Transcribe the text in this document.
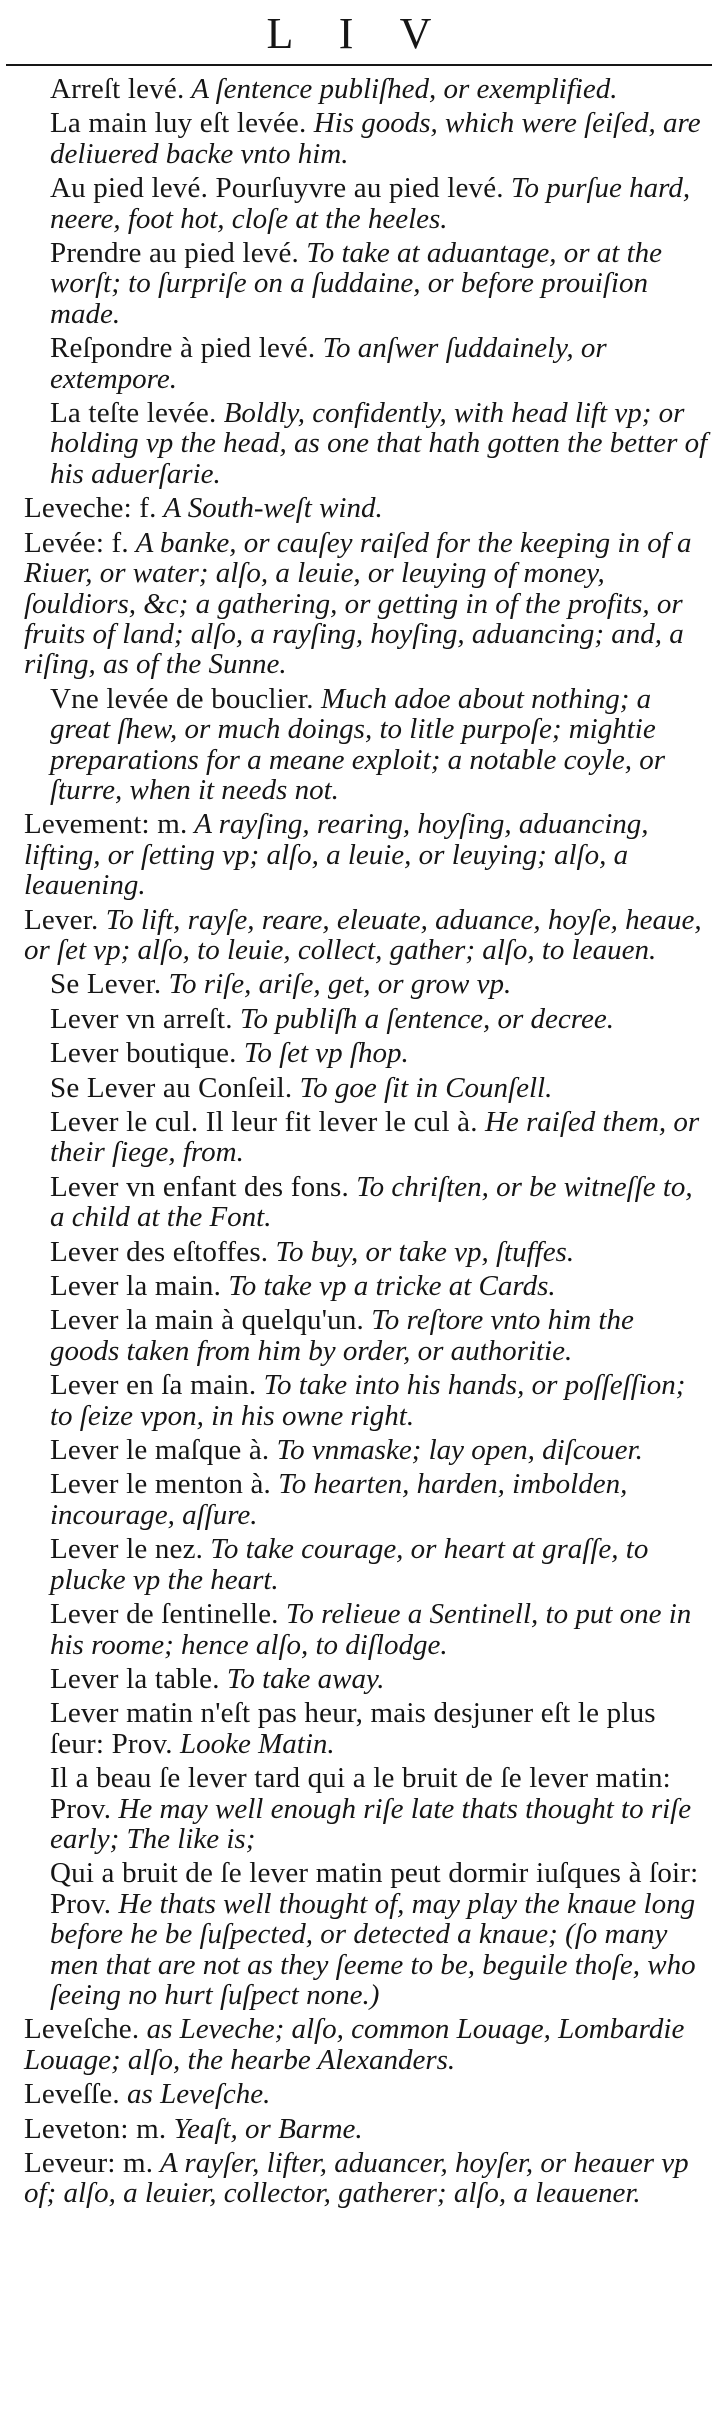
L I V
Arreſt levé. A ſentence publiſhed, or exemplified.
La main luy eſt levée. His goods, which were ſeiſed, are deliuered backe vnto him.
Au pied levé. Pourſuyvre au pied levé. To purſue hard, neere, foot hot, cloſe at the heeles.
Prendre au pied levé. To take at aduantage, or at the worſt; to ſurpriſe on a ſuddaine, or before prouiſion made.
Reſpondre à pied levé. To anſwer ſuddainely, or extempore.
La teſte levée. Boldly, confidently, with head lift vp; or holding vp the head, as one that hath gotten the better of his aduerſarie.
Leveche: f. A South-weſt wind.
Levée: f. A banke, or cauſey raiſed for the keeping in of a Riuer, or water; alſo, a leuie, or leuying of money, ſouldiors, &c; a gathering, or getting in of the profits, or fruits of land; alſo, a rayſing, hoyſing, aduancing; and, a riſing, as of the Sunne.
Vne levée de bouclier. Much adoe about nothing; a great ſhew, or much doings, to litle purpoſe; mightie preparations for a meane exploit; a notable coyle, or ſturre, when it needs not.
Levement: m. A rayſing, rearing, hoyſing, aduancing, lifting, or ſetting vp; alſo, a leuie, or leuying; alſo, a leauening.
Lever. To lift, rayſe, reare, eleuate, aduance, hoyſe, heaue, or ſet vp; alſo, to leuie, collect, gather; alſo, to leauen.
Se Lever. To riſe, ariſe, get, or grow vp.
Lever vn arreſt. To publiſh a ſentence, or decree.
Lever boutique. To ſet vp ſhop.
Se Lever au Conſeil. To goe ſit in Counſell.
Lever le cul. Il leur fit lever le cul à. He raiſed them, or their ſiege, from.
Lever vn enfant des fons. To chriſten, or be witneſſe to, a child at the Font.
Lever des eſtoffes. To buy, or take vp, ſtuffes.
Lever la main. To take vp a tricke at Cards.
Lever la main à quelqu'un. To reſtore vnto him the goods taken from him by order, or authoritie.
Lever en ſa main. To take into his hands, or poſſeſſion; to ſeize vpon, in his owne right.
Lever le maſque à. To vnmaske; lay open, diſcouer.
Lever le menton à. To hearten, harden, imbolden, incourage, aſſure.
Lever le nez. To take courage, or heart at graſſe, to plucke vp the heart.
Lever de ſentinelle. To relieue a Sentinell, to put one in his roome; hence alſo, to diſlodge.
Lever la table. To take away.
Lever matin n'eſt pas heur, mais desjuner eſt le plus ſeur: Prov. Looke Matin.
Il a beau ſe lever tard qui a le bruit de ſe lever matin: Prov. He may well enough riſe late thats thought to riſe early; The like is;
Qui a bruit de ſe lever matin peut dormir iuſques à ſoir: Prov. He thats well thought of, may play the knaue long before he be ſuſpected, or detected a knaue; (ſo many men that are not as they ſeeme to be, beguile thoſe, who ſeeing no hurt ſuſpect none.)
Leveſche. as Leveche; alſo, common Louage, Lombardie Louage; alſo, the hearbe Alexanders.
Leveſſe. as Leveſche.
Leveton: m. Yeaſt, or Barme.
Leveur: m. A rayſer, lifter, aduancer, hoyſer, or heauer vp of; alſo, a leuier, collector, gatherer; alſo, a leauener.
